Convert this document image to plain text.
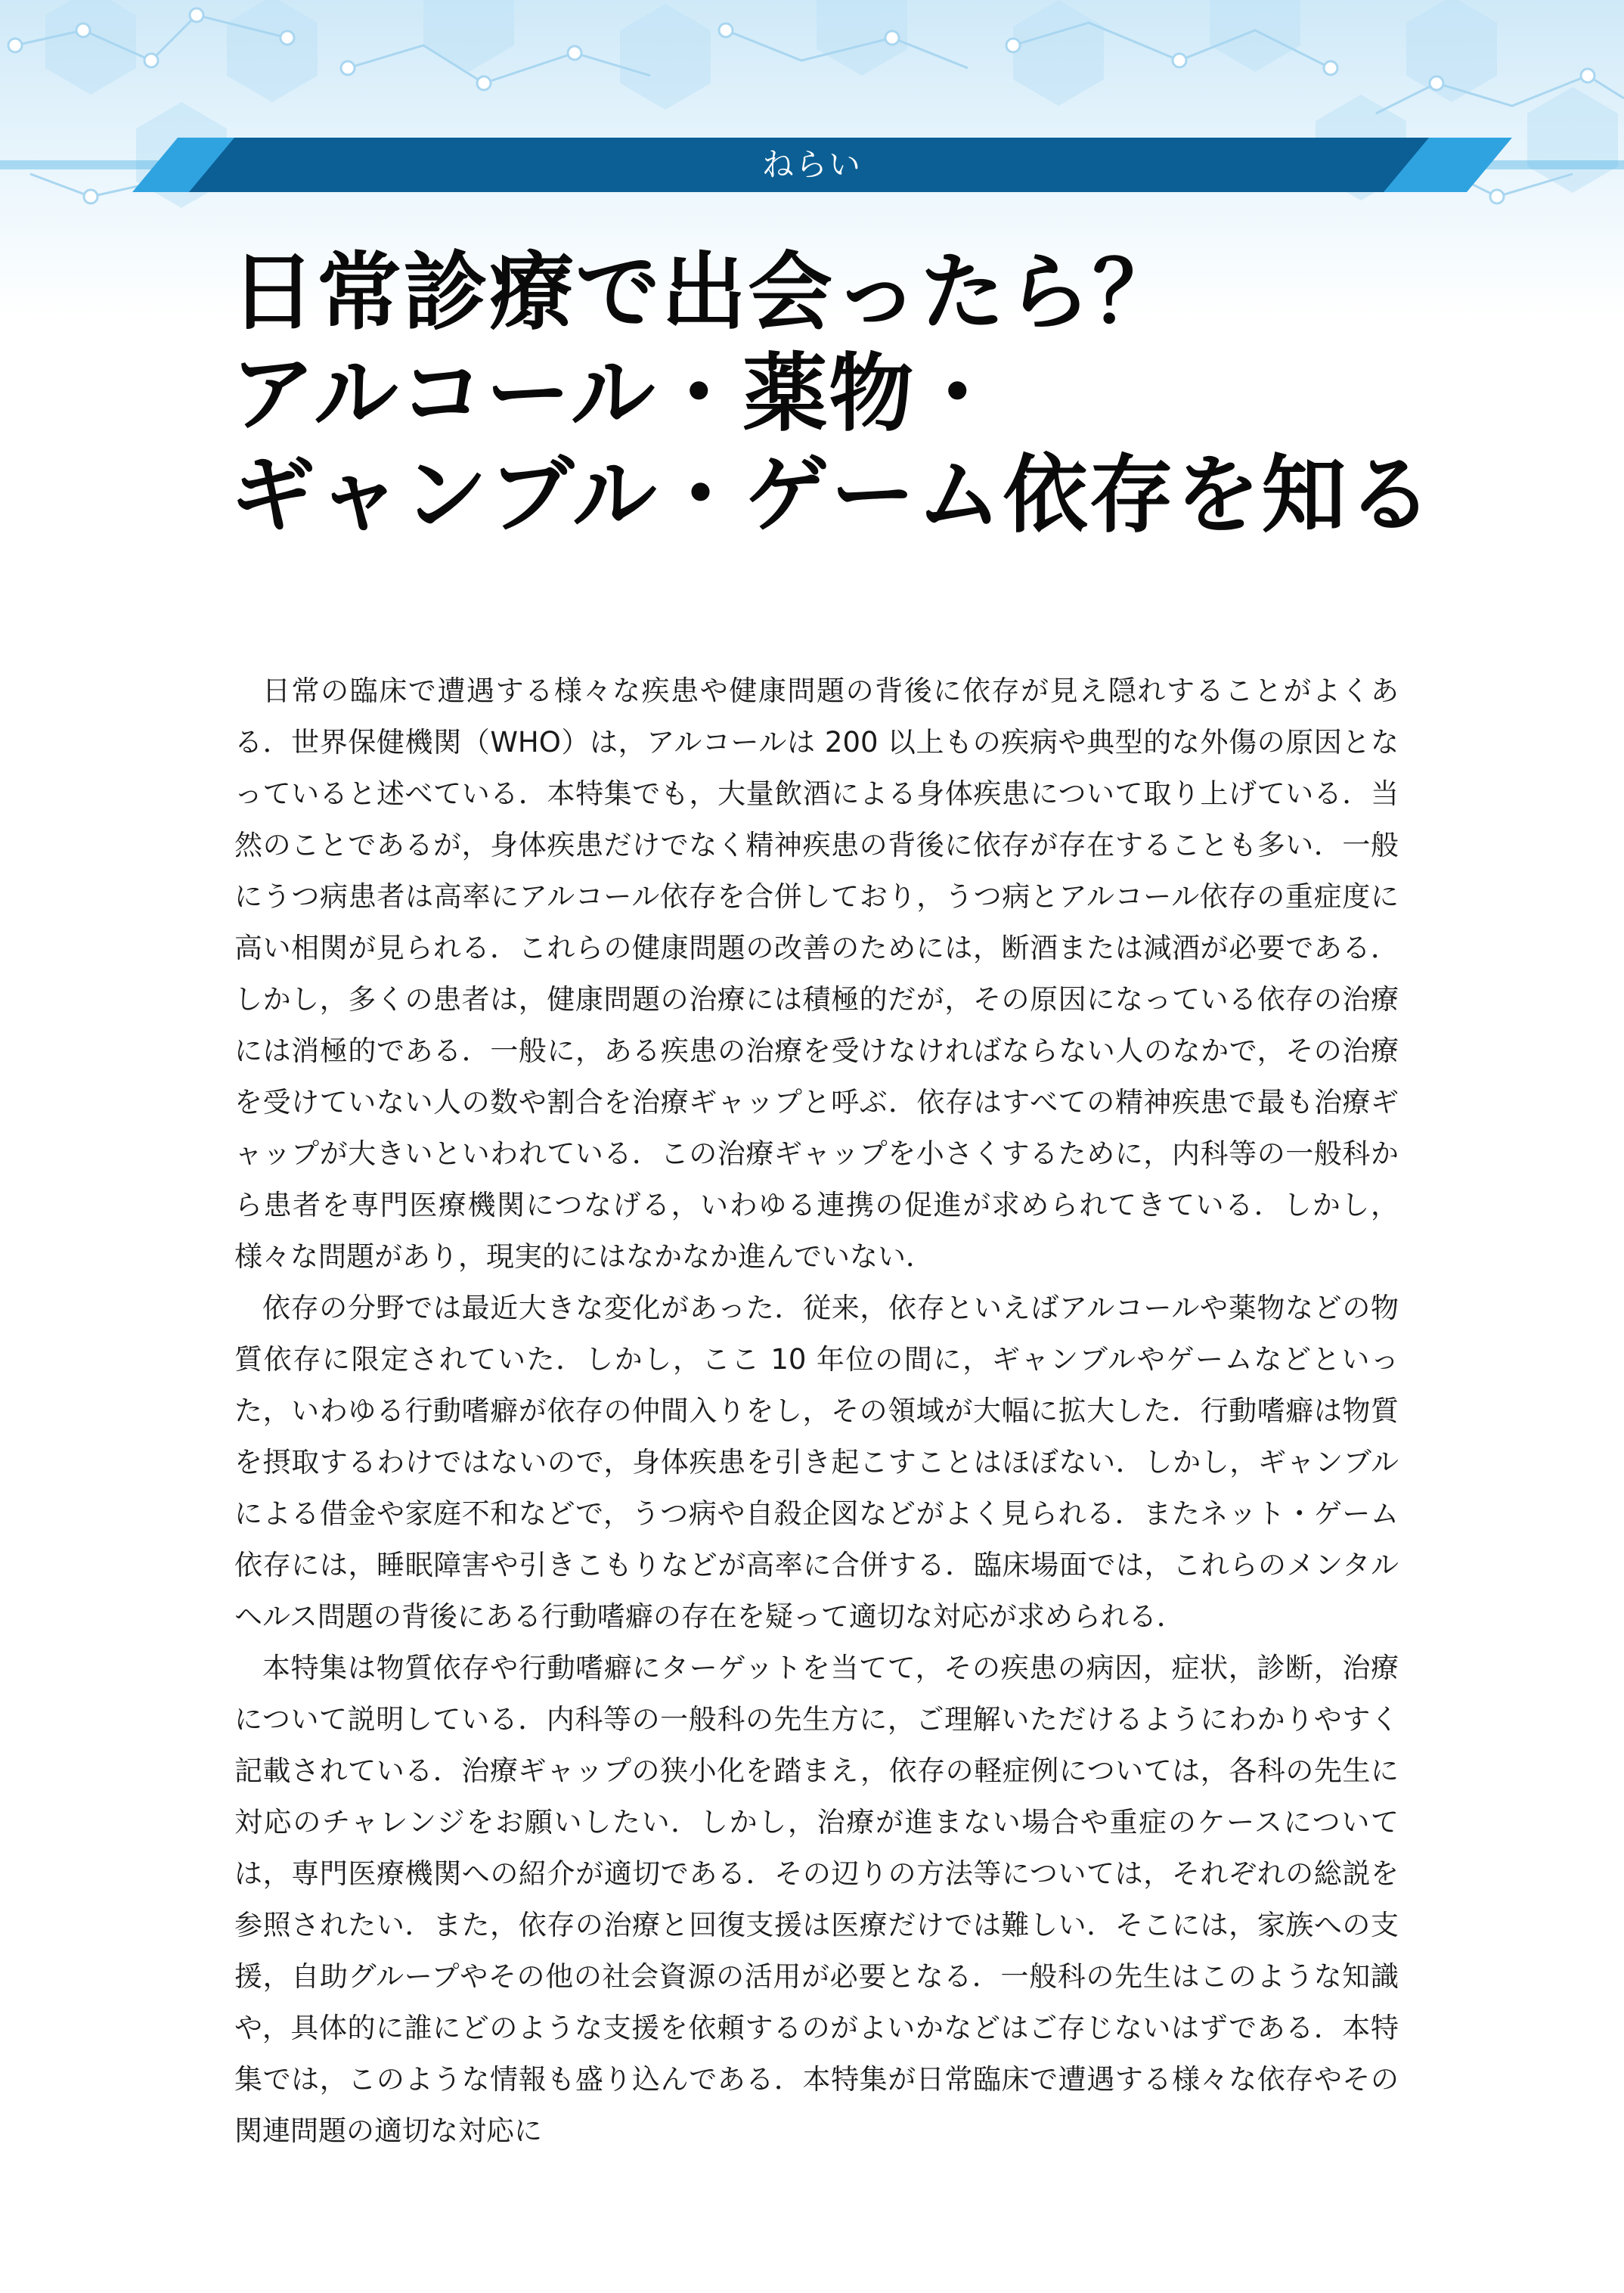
ねらい
日常診療で出会ったら？
アルコール・薬物・
ギャンブル・ゲーム依存を知る

日常の臨床で遭遇する様々な疾患や健康問題の背後に依存が見え隠れすることがよくある．世界保健機関（WHO）は，アルコールは 200 以上もの疾病や典型的な外傷の原因となっていると述べている．本特集でも，大量飲酒による身体疾患について取り上げている．当然のことであるが，身体疾患だけでなく精神疾患の背後に依存が存在することも多い．一般にうつ病患者は高率にアルコール依存を合併しており，うつ病とアルコール依存の重症度に高い相関が見られる．これらの健康問題の改善のためには，断酒または減酒が必要である．しかし，多くの患者は，健康問題の治療には積極的だが，その原因になっている依存の治療には消極的である．一般に，ある疾患の治療を受けなければならない人のなかで，その治療を受けていない人の数や割合を治療ギャップと呼ぶ．依存はすべての精神疾患で最も治療ギャップが大きいといわれている．この治療ギャップを小さくするために，内科等の一般科から患者を専門医療機関につなげる，いわゆる連携の促進が求められてきている．しかし，様々な問題があり，現実的にはなかなか進んでいない．

依存の分野では最近大きな変化があった．従来，依存といえばアルコールや薬物などの物質依存に限定されていた．しかし，ここ 10 年位の間に，ギャンブルやゲームなどといった，いわゆる行動嗜癖が依存の仲間入りをし，その領域が大幅に拡大した．行動嗜癖は物質を摂取するわけではないので，身体疾患を引き起こすことはほぼない．しかし，ギャンブルによる借金や家庭不和などで，うつ病や自殺企図などがよく見られる．またネット・ゲーム依存には，睡眠障害や引きこもりなどが高率に合併する．臨床場面では，これらのメンタルヘルス問題の背後にある行動嗜癖の存在を疑って適切な対応が求められる．

本特集は物質依存や行動嗜癖にターゲットを当てて，その疾患の病因，症状，診断，治療について説明している．内科等の一般科の先生方に，ご理解いただけるようにわかりやすく記載されている．治療ギャップの狭小化を踏まえ，依存の軽症例については，各科の先生に対応のチャレンジをお願いしたい．しかし，治療が進まない場合や重症のケースについては，専門医療機関への紹介が適切である．その辺りの方法等については，それぞれの総説を参照されたい．また，依存の治療と回復支援は医療だけでは難しい．そこには，家族への支援，自助グループやその他の社会資源の活用が必要となる．一般科の先生はこのような知識や，具体的に誰にどのような支援を依頼するのがよいかなどはご存じないはずである．本特集では，このような情報も盛り込んである．本特集が日常臨床で遭遇する様々な依存やその関連問題の適切な対応に
